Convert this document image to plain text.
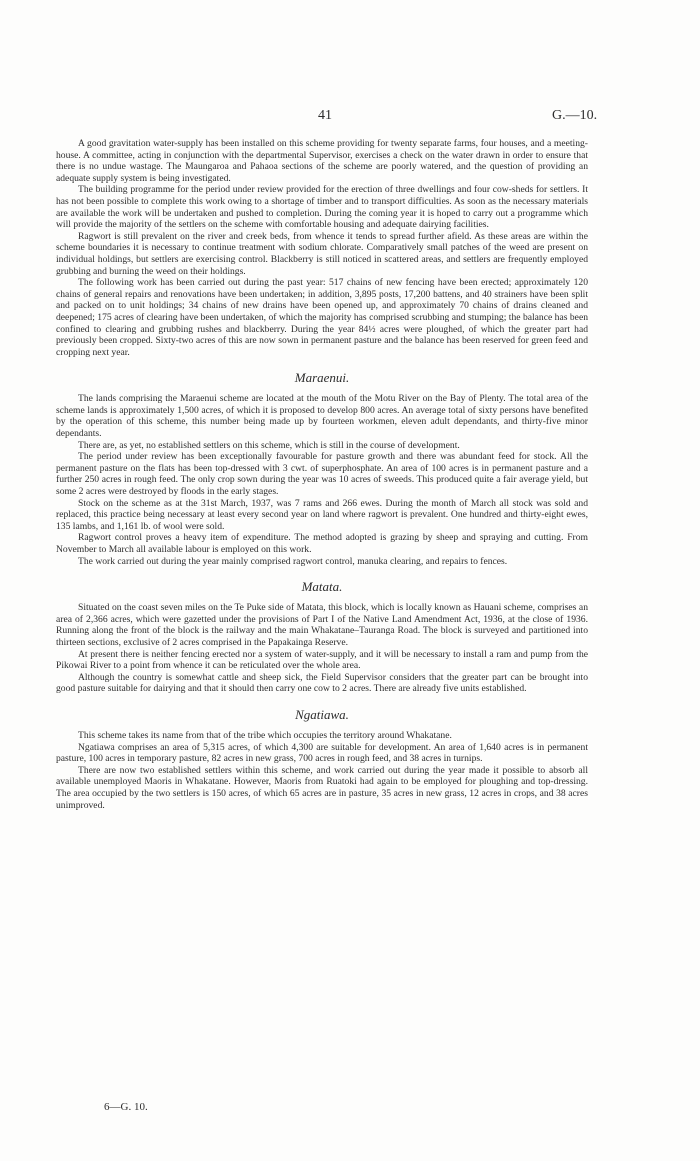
41	G.—10.

A good gravitation water-supply has been installed on this scheme providing for twenty separate farms, four houses, and a meeting-house. A committee, acting in conjunction with the departmental Supervisor, exercises a check on the water drawn in order to ensure that there is no undue wastage. The Maungaroa and Pahaoa sections of the scheme are poorly watered, and the question of providing an adequate supply system is being investigated.

The building programme for the period under review provided for the erection of three dwellings and four cow-sheds for settlers. It has not been possible to complete this work owing to a shortage of timber and to transport difficulties. As soon as the necessary materials are available the work will be undertaken and pushed to completion. During the coming year it is hoped to carry out a programme which will provide the majority of the settlers on the scheme with comfortable housing and adequate dairying facilities.

Ragwort is still prevalent on the river and creek beds, from whence it tends to spread further afield. As these areas are within the scheme boundaries it is necessary to continue treatment with sodium chlorate. Comparatively small patches of the weed are present on individual holdings, but settlers are exercising control. Blackberry is still noticed in scattered areas, and settlers are frequently employed grubbing and burning the weed on their holdings.

The following work has been carried out during the past year: 517 chains of new fencing have been erected; approximately 120 chains of general repairs and renovations have been undertaken; in addition, 3,895 posts, 17,200 battens, and 40 strainers have been split and packed on to unit holdings; 34 chains of new drains have been opened up, and approximately 70 chains of drains cleaned and deepened; 175 acres of clearing have been undertaken, of which the majority has comprised scrubbing and stumping; the balance has been confined to clearing and grubbing rushes and blackberry. During the year 84½ acres were ploughed, of which the greater part had previously been cropped. Sixty-two acres of this are now sown in permanent pasture and the balance has been reserved for green feed and cropping next year.

Maraenui.

The lands comprising the Maraenui scheme are located at the mouth of the Motu River on the Bay of Plenty. The total area of the scheme lands is approximately 1,500 acres, of which it is proposed to develop 800 acres. An average total of sixty persons have benefited by the operation of this scheme, this number being made up by fourteen workmen, eleven adult dependants, and thirty-five minor dependants.

There are, as yet, no established settlers on this scheme, which is still in the course of development.

The period under review has been exceptionally favourable for pasture growth and there was abundant feed for stock. All the permanent pasture on the flats has been top-dressed with 3 cwt. of superphosphate. An area of 100 acres is in permanent pasture and a further 250 acres in rough feed. The only crop sown during the year was 10 acres of sweeds. This produced quite a fair average yield, but some 2 acres were destroyed by floods in the early stages.

Stock on the scheme as at the 31st March, 1937, was 7 rams and 266 ewes. During the month of March all stock was sold and replaced, this practice being necessary at least every second year on land where ragwort is prevalent. One hundred and thirty-eight ewes, 135 lambs, and 1,161 lb. of wool were sold.

Ragwort control proves a heavy item of expenditure. The method adopted is grazing by sheep and spraying and cutting. From November to March all available labour is employed on this work.

The work carried out during the year mainly comprised ragwort control, manuka clearing, and repairs to fences.

Matata.

Situated on the coast seven miles on the Te Puke side of Matata, this block, which is locally known as Hauani scheme, comprises an area of 2,366 acres, which were gazetted under the provisions of Part I of the Native Land Amendment Act, 1936, at the close of 1936. Running along the front of the block is the railway and the main Whakatane–Tauranga Road. The block is surveyed and partitioned into thirteen sections, exclusive of 2 acres comprised in the Papakainga Reserve.

At present there is neither fencing erected nor a system of water-supply, and it will be necessary to install a ram and pump from the Pikowai River to a point from whence it can be reticulated over the whole area.

Although the country is somewhat cattle and sheep sick, the Field Supervisor considers that the greater part can be brought into good pasture suitable for dairying and that it should then carry one cow to 2 acres. There are already five units established.

Ngatiawa.

This scheme takes its name from that of the tribe which occupies the territory around Whakatane.

Ngatiawa comprises an area of 5,315 acres, of which 4,300 are suitable for development. An area of 1,640 acres is in permanent pasture, 100 acres in temporary pasture, 82 acres in new grass, 700 acres in rough feed, and 38 acres in turnips.

There are now two established settlers within this scheme, and work carried out during the year made it possible to absorb all available unemployed Maoris in Whakatane. However, Maoris from Ruatoki had again to be employed for ploughing and top-dressing. The area occupied by the two settlers is 150 acres, of which 65 acres are in pasture, 35 acres in new grass, 12 acres in crops, and 38 acres unimproved.

6—G. 10.
